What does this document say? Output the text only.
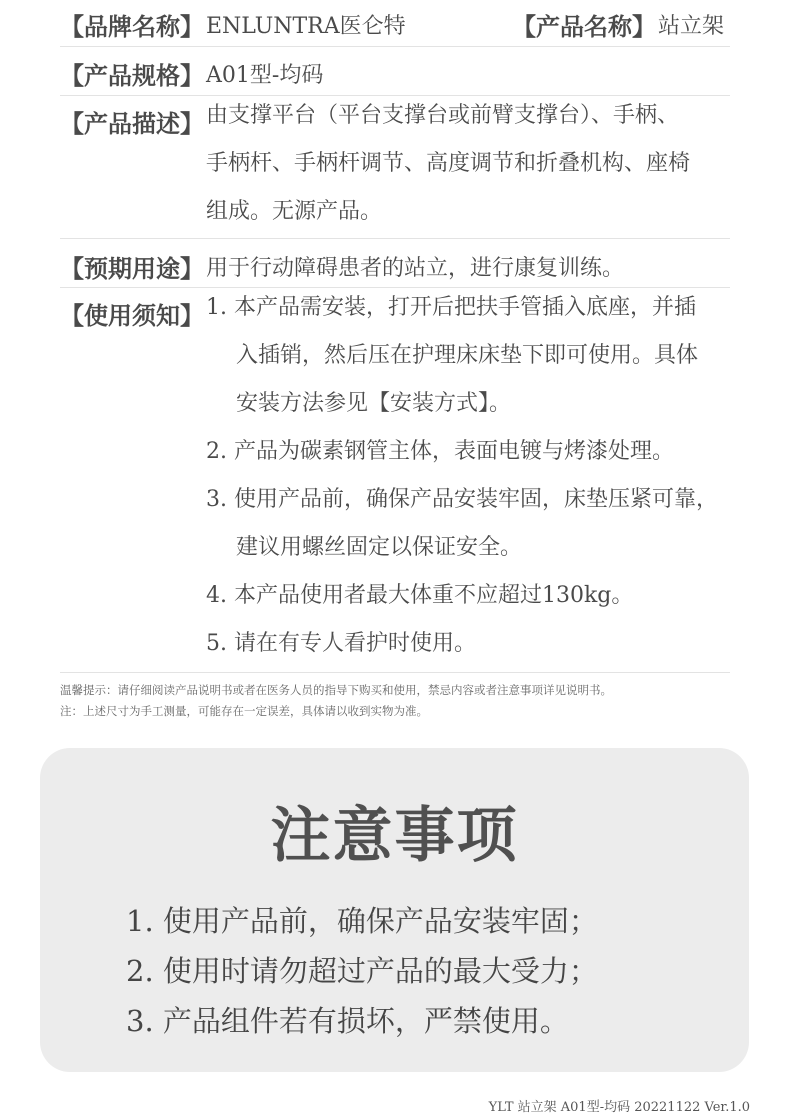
【品牌名称】 ENLUNTRA医仑特	【产品名称】 站立架
【产品规格】 A01型-均码
【产品描述】 由支撑平台（平台支撑台或前臂支撑台）、手柄、
手柄杆、手柄杆调节、高度调节和折叠机构、座椅
组成。无源产品。
【预期用途】 用于行动障碍患者的站立，进行康复训练。
【使用须知】 1. 本产品需安装，打开后把扶手管插入底座，并插
入插销，然后压在护理床床垫下即可使用。具体
安装方法参见【安装方式】。
2. 产品为碳素钢管主体，表面电镀与烤漆处理。
3. 使用产品前，确保产品安装牢固，床垫压紧可靠，
建议用螺丝固定以保证安全。
4. 本产品使用者最大体重不应超过130kg。
5. 请在有专人看护时使用。
温馨提示：请仔细阅读产品说明书或者在医务人员的指导下购买和使用，禁忌内容或者注意事项详见说明书。
注：上述尺寸为手工测量，可能存在一定误差，具体请以收到实物为准。
注意事项
1. 使用产品前，确保产品安装牢固；
2. 使用时请勿超过产品的最大受力；
3. 产品组件若有损坏，严禁使用。
YLT 站立架 A01型-均码 20221122 Ver.1.0
